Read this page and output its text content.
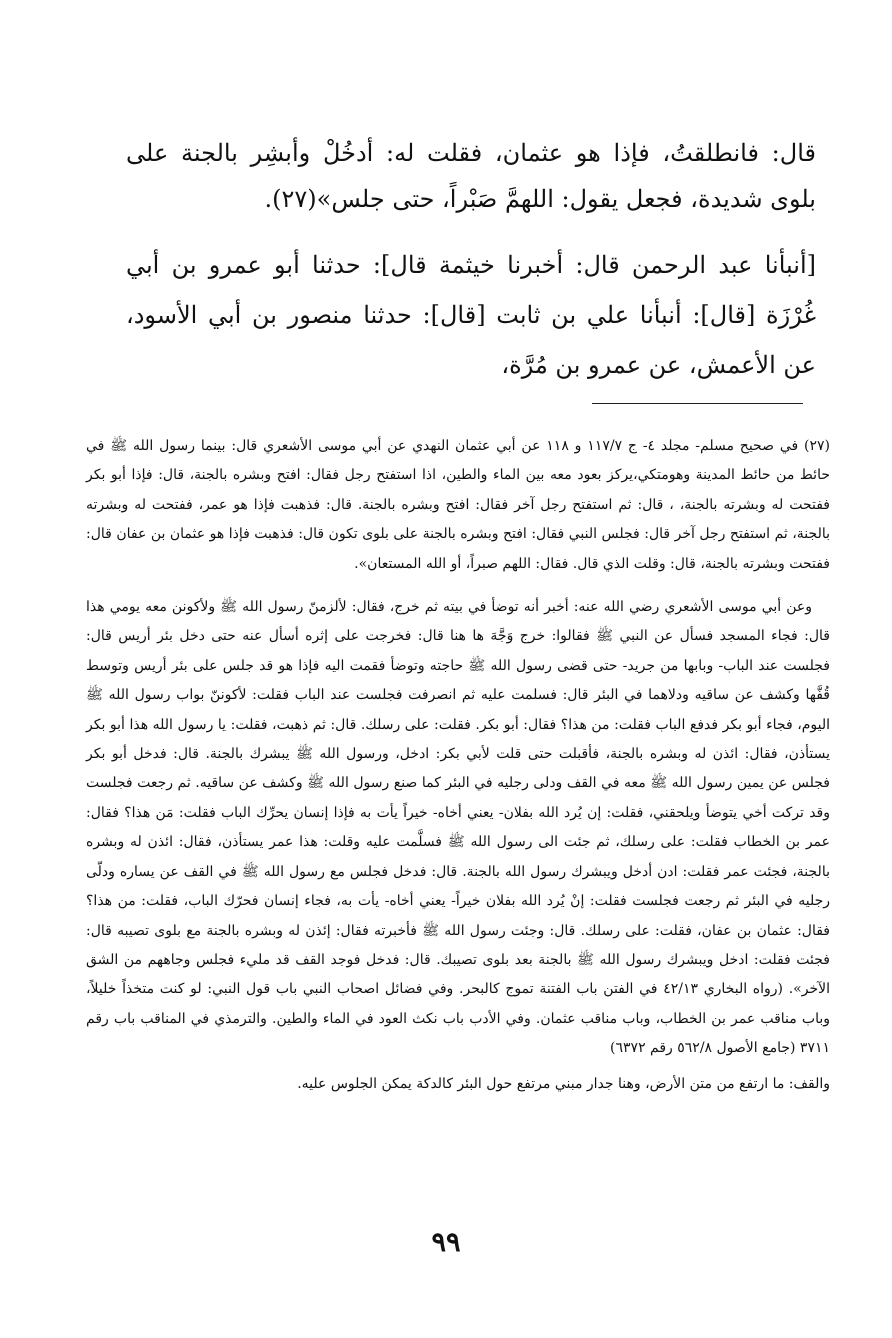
قال: فانطلقتُ، فإذا هو عثمان، فقلت له: أدخُلْ وأبشِر بالجنة على بلوى شديدة، فجعل يقول: اللهمَّ صَبْراً، حتى جلس»(٢٧).

[أنبأنا عبد الرحمن قال: أخبرنا خيثمة قال]: حدثنا أبو عمرو بن أبي غُرْزَة [قال]: أنبأنا علي بن ثابت [قال]: حدثنا منصور بن أبي الأسود، عن الأعمش، عن عمرو بن مُرَّة،

(٢٧) في صحيح مسلم- مجلد ٤- ج ١١٧/٧ و ١١٨ عن أبي عثمان النهدي عن أبي موسى الأشعري قال: بينما رسول الله ﷺ في حائط من حائط المدينة وهومتكي،يركز بعود معه بين الماء والطين، اذا استفتح رجل فقال: افتح وبشره بالجنة، قال: فإذا أبو بكر ففتحت له وبشرته بالجنة، ، قال: ثم استفتح رجل آخر فقال: افتح وبشره بالجنة. قال: فذهبت فإذا هو عمر، ففتحت له وبشرته بالجنة، ثم استفتح رجل آخر قال: فجلس النبي فقال: افتح وبشره بالجنة على بلوى تكون قال: فذهبت فإذا هو عثمان بن عفان قال: ففتحت وبشرته بالجنة، قال: وقلت الذي قال. فقال: اللهم صبراً، أو الله المستعان».

وعن أبي موسى الأشعري رضي الله عنه: أخبر أنه توضأ في بيته ثم خرج، فقال: لألزمنّ رسول الله ﷺ ولأكونن معه يومي هذا قال: فجاء المسجد فسأل عن النبي ﷺ فقالوا: خرج وَجَّهَ ها هنا قال: فخرجت على إثره أسأل عنه حتى دخل بئر أريس قال: فجلست عند الباب- وبابها من جريد- حتى قضى رسول الله ﷺ حاجته وتوضأ فقمت اليه فإذا هو قد جلس على بئر أريس وتوسط قُفَّها وكشف عن ساقيه ودلاهما في البئر قال: فسلمت عليه ثم انصرفت فجلست عند الباب فقلت: لأكوننّ بواب رسول الله ﷺ اليوم، فجاء أبو بكر فدفع الباب فقلت: من هذا؟ فقال: أبو بكر. فقلت: على رسلك. قال: ثم ذهبت، فقلت: يا رسول الله هذا أبو بكر يستأذن، فقال: ائذن له وبشره بالجنة، فأقبلت حتى قلت لأبي بكر: ادخل، ورسول الله ﷺ يبشرك بالجنة. قال: فدخل أبو بكر فجلس عن يمين رسول الله ﷺ معه في القف ودلى رجليه في البئر كما صنع رسول الله ﷺ وكشف عن ساقيه. ثم رجعت فجلست وقد تركت أخي يتوضأ ويلحقني، فقلت: إن يُرد الله بفلان- يعني أخاه- خيراً يأت به فإذا إنسان يحرِّك الباب فقلت: مَن هذا؟ فقال: عمر بن الخطاب فقلت: على رسلك، ثم جئت الى رسول الله ﷺ فسلَّمت عليه وقلت: هذا عمر يستأذن، فقال: ائذن له وبشره بالجنة، فجئت عمر فقلت: ادن أدخل ويبشرك رسول الله بالجنة. قال: فدخل فجلس مع رسول الله ﷺ في القف عن يساره ودلّى رجليه في البئر ثم رجعت فجلست فقلت: إنْ يُرد الله بفلان خيراً- يعني أخاه- يأت به، فجاء إنسان فحرّك الباب، فقلت: من هذا؟ فقال: عثمان بن عفان، فقلت: على رسلك. قال: وجئت رسول الله ﷺ فأخبرته فقال: إئذن له وبشره بالجنة مع بلوى تصيبه قال: فجئت فقلت: ادخل ويبشرك رسول الله ﷺ بالجنة بعد بلوى تصيبك. قال: فدخل فوجد القف قد مليء فجلس وجاههم من الشق الآخر». (رواه البخاري ٤٢/١٣ في الفتن باب الفتنة تموج كالبحر. وفي فضائل اصحاب النبي باب قول النبي: لو كنت متخذاً خليلاً، وباب مناقب عمر بن الخطاب، وباب مناقب عثمان. وفي الأدب باب نكث العود في الماء والطين. والترمذي في المناقب باب رقم ٣٧١١ (جامع الأصول ٥٦٢/٨ رقم ٦٣٧٢)

والقف: ما ارتفع من متن الأرض، وهنا جدار مبني مرتفع حول البئر كالدكة يمكن الجلوس عليه.

٩٩
